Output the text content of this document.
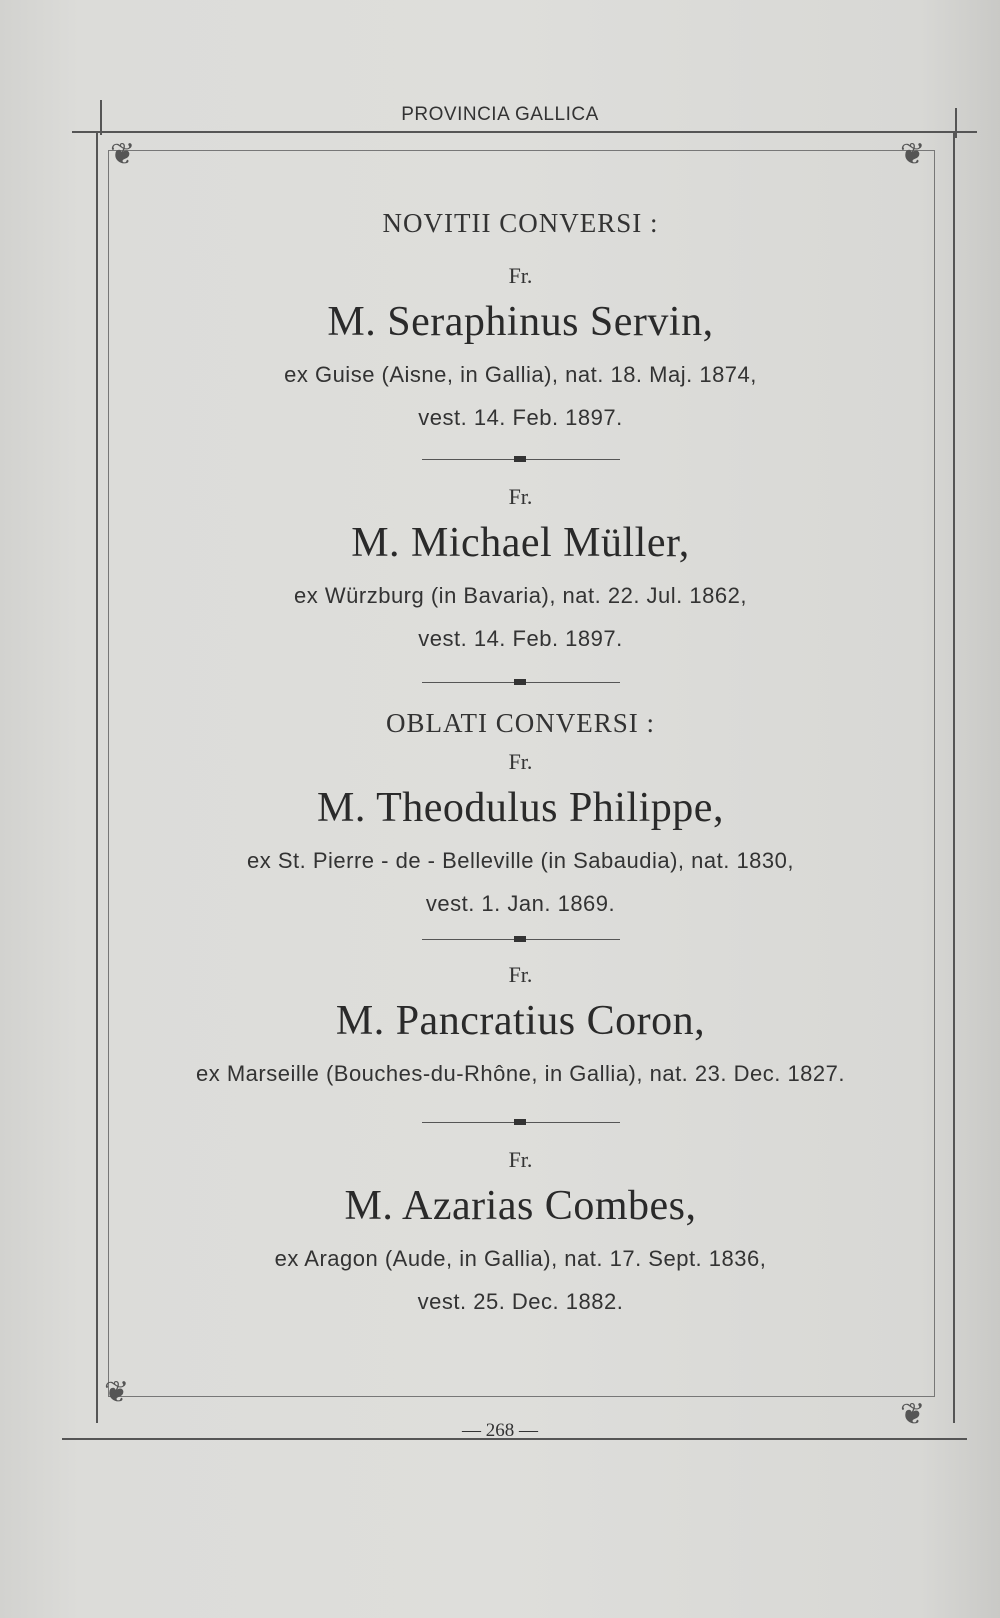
PROVINCIA GALLICA
❦	❦
❦
❦
NOVITII CONVERSI :
Fr.
M. Seraphinus Servin,
ex Guise (Aisne, in Gallia), nat. 18. Maj. 1874,
vest. 14. Feb. 1897.
Fr.
M. Michael Müller,
ex Würzburg (in Bavaria), nat. 22. Jul. 1862,
vest. 14. Feb. 1897.
OBLATI CONVERSI :
Fr.
M. Theodulus Philippe,
ex St. Pierre - de - Belleville (in Sabaudia), nat. 1830,
vest. 1. Jan. 1869.
Fr.
M. Pancratius Coron,
ex Marseille (Bouches-du-Rhône, in Gallia), nat. 23. Dec. 1827.
Fr.
M. Azarias Combes,
ex Aragon (Aude, in Gallia), nat. 17. Sept. 1836,
vest. 25. Dec. 1882.
— 268 —
